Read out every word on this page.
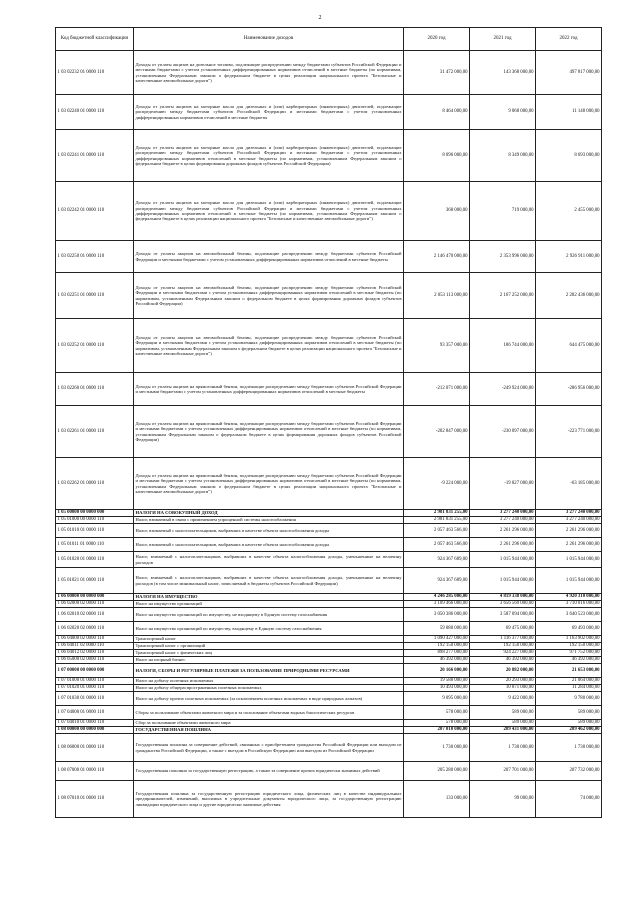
2
Код бюджетной классификации	Наименование доходов	2020 год	2021 год	2022 год
1 03 02232 01 0000 110	Доходы от уплаты акцизов на дизельное топливо, подлежащие распределению между бюджетами субъектов Российской Федерации и местными бюджетами с учетом установленных дифференцированных нормативов отчислений в местные бюджеты (по нормативам, установленным Федеральным законом о федеральном бюджете в целях реализации национального проекта "Безопасные и качественные автомобильные дороги")	31 472 000,00	143 368 000,00	497 817 000,00
1 03 02240 01 0000 110	Доходы от уплаты акцизов на моторные масла для дизельных и (или) карбюраторных (инжекторных) двигателей, подлежащие распределению между бюджетами субъектов Российской Федерации и местными бюджетами с учетом установленных дифференцированных нормативов отчислений в местные бюджеты	8 464 000,00	9 068 000,00	11 148 000,00
1 03 02241 01 0000 110	Доходы от уплаты акцизов на моторные масла для дизельных и (или) карбюраторных (инжекторных) двигателей, подлежащие распределению между бюджетами субъектов Российской Федерации и местными бюджетами с учетом установленных дифференцированных нормативов отчислений в местные бюджеты (по нормативам, установленным Федеральным законом о федеральном бюджете в целях формирования дорожных фондов субъектов Российской Федерации)	8 096 000,00	8 349 000,00	8 693 000,00
1 03 02242 01 0000 110	Доходы от уплаты акцизов на моторные масла для дизельных и (или) карбюраторных (инжекторных) двигателей, подлежащие распределению между бюджетами субъектов Российской Федерации и местными бюджетами с учетом установленных дифференцированных нормативов отчислений в местные бюджеты (по нормативам, установленным Федеральным законом о федеральном бюджете в целях реализации национального проекта "Безопасные и качественные автомобильные дороги")	368 000,00	719 000,00	2 455 000,00
1 03 02250 01 0000 110	Доходы от уплаты акцизов на автомобильный бензин, подлежащие распределению между бюджетами субъектов Российской Федерации и местными бюджетами с учетом установленных дифференцированных нормативов отчислений в местные бюджеты	2 146 470 000,00	2 353 996 000,00	2 926 911 000,00
1 03 02251 01 0000 110	Доходы от уплаты акцизов на автомобильный бензин, подлежащие распределению между бюджетами субъектов Российской Федерации и местными бюджетами с учетом установленных дифференцированных нормативов отчислений в местные бюджеты (по нормативам, установленным Федеральным законом о федеральном бюджете в целях формирования дорожных фондов субъектов Российской Федерации)	2 053 113 000,00	2 167 252 000,00	2 282 436 000,00
1 03 02252 01 0000 110	Доходы от уплаты акцизов на автомобильный бензин, подлежащие распределению между бюджетами субъектов Российской Федерации и местными бюджетами с учетом установленных дифференцированных нормативов отчислений в местные бюджеты (по нормативам, установленным Федеральным законом о федеральном бюджете в целях реализации национального проекта "Безопасные и качественные автомобильные дороги")	93 357 000,00	186 744 000,00	644 475 000,00
1 03 02260 01 0000 110	Доходы от уплаты акцизов на прямогонный бензин, подлежащие распределению между бюджетами субъектов Российской Федерации и местными бюджетами с учетом установленных дифференцированных нормативов отчислений в местные бюджеты	-212 071 000,00	-249 924 000,00	-286 956 000,00
1 03 02261 01 0000 110	Доходы от уплаты акцизов на прямогонный бензин, подлежащие распределению между бюджетами субъектов Российской Федерации и местными бюджетами с учетом установленных дифференцированных нормативов отчислений в местные бюджеты (по нормативам, установленным Федеральным законом о федеральном бюджете в целях формирования дорожных фондов субъектов Российской Федерации)	-202 847 000,00	-230 097 000,00	-223 771 000,00
1 03 02262 01 0000 110	Доходы от уплаты акцизов на прямогонный бензин, подлежащие распределению между бюджетами субъектов Российской Федерации и местными бюджетами с учетом установленных дифференцированных нормативов отчислений в местные бюджеты (по нормативам, установленным Федеральным законом о федеральном бюджете в целях реализации национального проекта "Безопасные и качественные автомобильные дороги")	-9 224 000,00	-19 827 000,00	-63 185 000,00
1 05 00000 00 0000 000	НАЛОГИ НА СОВОКУПНЫЙ ДОХОД	2 981 831 255,00	3 277 240 000,00	3 277 240 000,00
1 05 01000 00 0000 110	Налог, взимаемый в связи с применением упрощенной системы налогообложения	2 981 831 255,00	3 277 240 000,00	3 277 240 000,00
1 05 01010 01 0000 110	Налог, взимаемый с налогоплательщиков, выбравших в качестве объекта налогообложения доходы	2 057 463 566,00	2 261 296 000,00	2 261 296 000,00
1 05 01011 01 0000 110	Налог, взимаемый с налогоплательщиков, выбравших в качестве объекта налогообложения доходы	2 057 463 566,00	2 261 296 000,00	2 261 296 000,00
1 05 01020 01 0000 110	Налог, взимаемый с налогоплательщиков, выбравших в качестве объекта налогообложения доходы, уменьшенные на величину расходов	924 367 689,00	1 015 944 000,00	1 015 944 000,00
1 05 01021 01 0000 110	Налог, взимаемый с налогоплательщиков, выбравших в качестве объекта налогообложения доходы, уменьшенные на величину расходов (в том числе минимальный налог, зачисляемый в бюджеты субъектов Российской Федерации)	924 367 689,00	1 015 944 000,00	1 015 944 000,00
1 06 00000 00 0000 000	НАЛОГИ НА ИМУЩЕСТВО	4 246 285 000,00	4 819 338 000,00	4 920 310 000,00
1 06 02000 02 0000 110	Налог на имущество организаций	3 109 466 000,00	3 656 569 000,00	3 710 016 000,00
1 06 02010 02 0000 110	Налог на имущество организаций по имуществу, не входящему в Единую систему газоснабжения	3 050 386 000,00	3 587 094 000,00	3 640 523 000,00
1 06 02020 02 0000 110	Налог на имущество организаций по имуществу, входящему в Единую систему газоснабжения	59 080 000,00	69 475 000,00	69 493 000,00
1 06 04000 02 0000 110	Транспортный налог	1 090 427 000,00	1 116 377 000,00	1 163 902 000,00
1 06 04011 02 0000 110	Транспортный налог с организаций	192 150 000,00	192 150 000,00	192 150 000,00
1 06 04012 02 0000 110	Транспортный налог с физических лиц	898 277 000,00	924 227 000,00	971 752 000,00
1 06 05000 02 0000 110	Налог на игорный бизнес	46 392 000,00	46 392 000,00	46 392 000,00
1 07 00000 00 0000 000	НАЛОГИ, СБОРЫ И РЕГУЛЯРНЫЕ ПЛАТЕЖИ ЗА ПОЛЬЗОВАНИЕ ПРИРОДНЫМИ РЕСУРСАМИ	20 166 000,00	20 882 000,00	21 653 000,00
1 07 01000 01 0000 110	Налог на добычу полезных ископаемых	19 588 000,00	20 293 000,00	21 064 000,00
1 07 01020 01 0000 110	Налог на добычу общераспространенных полезных ископаемых	10 493 000,00	10 871 000,00	11 284 000,00
1 07 01030 01 0000 110	Налог на добычу прочих полезных ископаемых (за исключением полезных ископаемых в виде природных алмазов)	9 095 000,00	9 422 000,00	9 780 000,00
1 07 04000 01 0000 110	Сборы за пользование объектами животного мира и за пользование объектами водных биологических ресурсов	578 000,00	589 000,00	589 000,00
1 07 04010 01 0000 110	Сбор за пользование объектами животного мира	578 000,00	589 000,00	589 000,00
1 08 00000 00 0000 000	ГОСУДАРСТВЕННАЯ ПОШЛИНА	207 010 000,00	209 431 000,00	209 462 000,00
1 08 06000 01 0000 110	Государственная пошлина за совершение действий, связанных с приобретением гражданства Российской Федерации или выходом из гражданства Российской Федерации, а также с въездом в Российскую Федерацию или выездом из Российской Федерации	1 730 000,00	1 730 000,00	1 730 000,00
1 08 07000 01 0000 110	Государственная пошлина за государственную регистрацию, а также за совершение прочих юридически значимых действий	205 280 000,00	207 701 000,00	207 732 000,00
1 08 07010 01 0000 110	Государственная пошлина за государственную регистрацию юридического лица, физических лиц в качестве индивидуальных предпринимателей, изменений, вносимых в учредительные документы юридического лица, за государственную регистрацию ликвидации юридического лица и другие юридически значимые действия	133 000,00	99 000,00	74 000,00
